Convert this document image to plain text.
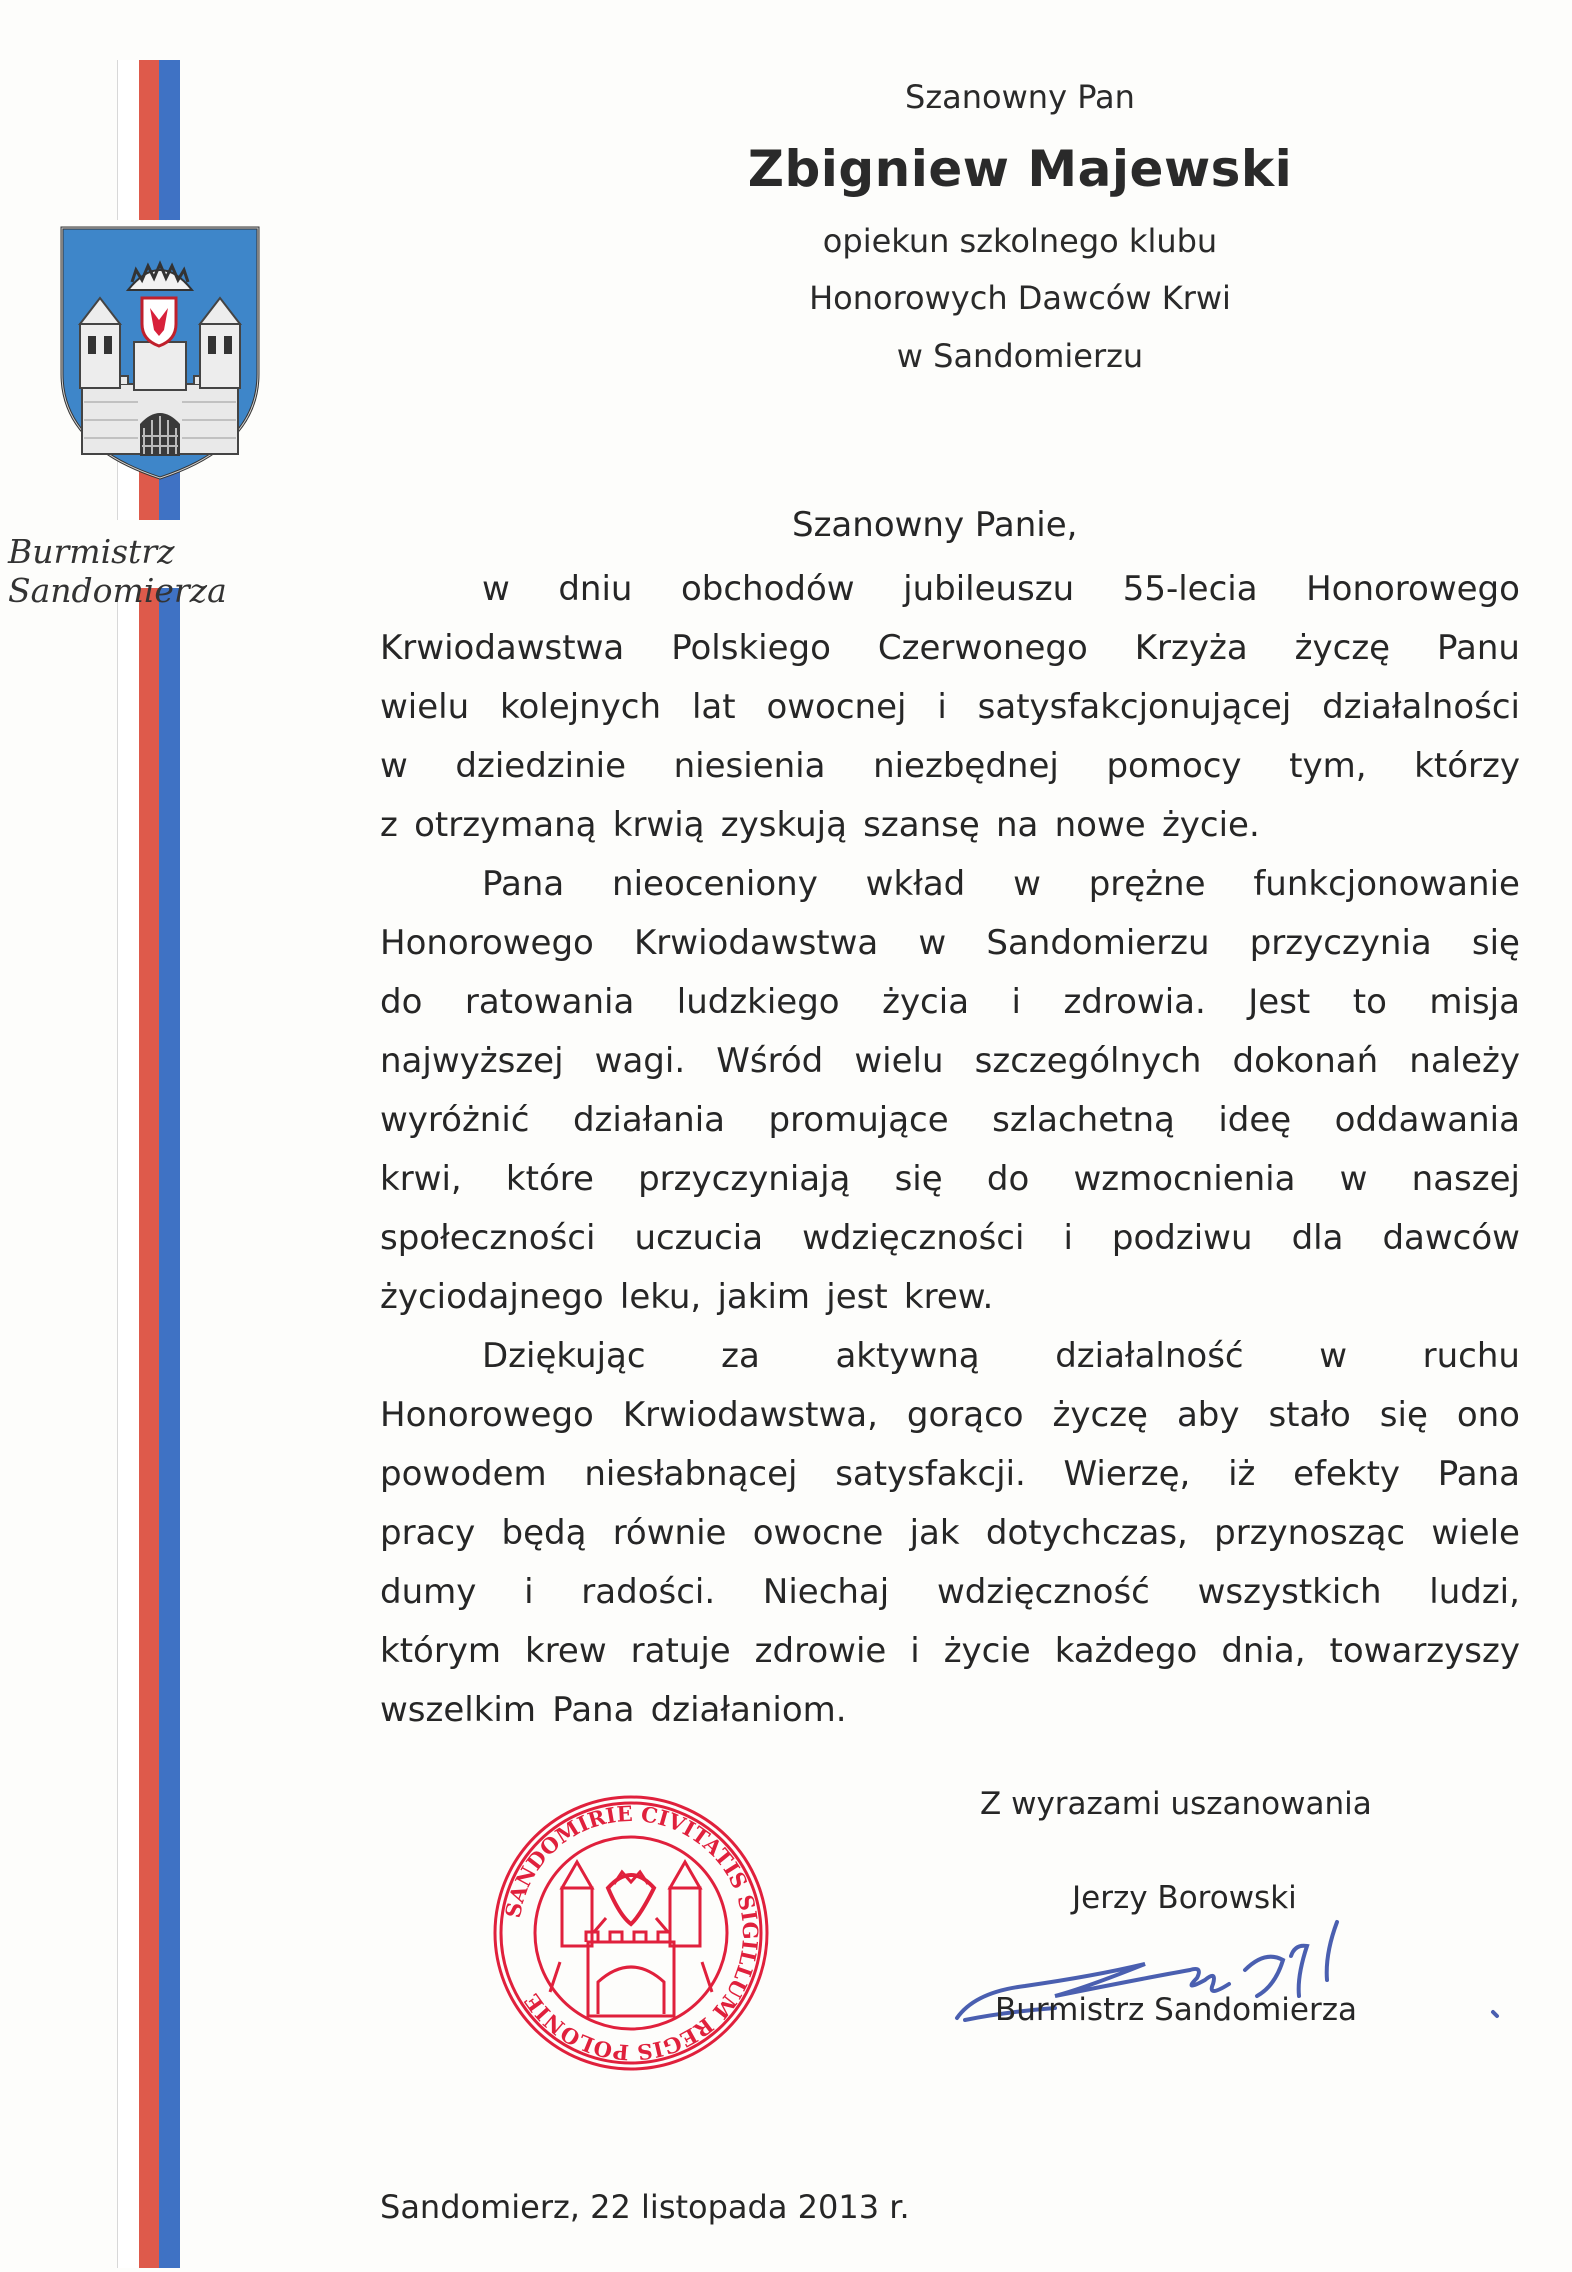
Burmistrz Sandomierza
Szanowny Pan
Zbigniew Majewski
opiekun szkolnego klubu
Honorowych Dawców Krwi
w Sandomierzu
Szanowny Panie,
w dniu obchodów jubileuszu 55-lecia Honorowego
Krwiodawstwa Polskiego Czerwonego Krzyża życzę Panu
wielu kolejnych lat owocnej i satysfakcjonującej działalności
w dziedzinie niesienia niezbędnej pomocy tym, którzy
z otrzymaną krwią zyskują szansę na nowe życie.
Pana nieoceniony wkład w prężne funkcjonowanie
Honorowego Krwiodawstwa w Sandomierzu przyczynia się
do ratowania ludzkiego życia i zdrowia. Jest to misja
najwyższej wagi. Wśród wielu szczególnych dokonań należy
wyróżnić działania promujące szlachetną ideę oddawania
krwi, które przyczyniają się do wzmocnienia w naszej
społeczności uczucia wdzięczności i podziwu dla dawców
życiodajnego leku, jakim jest krew.
Dziękując za aktywną działalność w ruchu
Honorowego Krwiodawstwa, gorąco życzę aby stało się ono
powodem niesłabnącej satysfakcji. Wierzę, iż efekty Pana
pracy będą równie owocne jak dotychczas, przynosząc wiele
dumy i radości. Niechaj wdzięczność wszystkich ludzi,
którym krew ratuje zdrowie i życie każdego dnia, towarzyszy
wszelkim Pana działaniom.
Z wyrazami uszanowania
Jerzy Borowski
Burmistrz Sandomierza
SANDOMIRIE CIVITATIS SIGILLUM REGIS POLONIE
Sandomierz, 22 listopada 2013 r.
